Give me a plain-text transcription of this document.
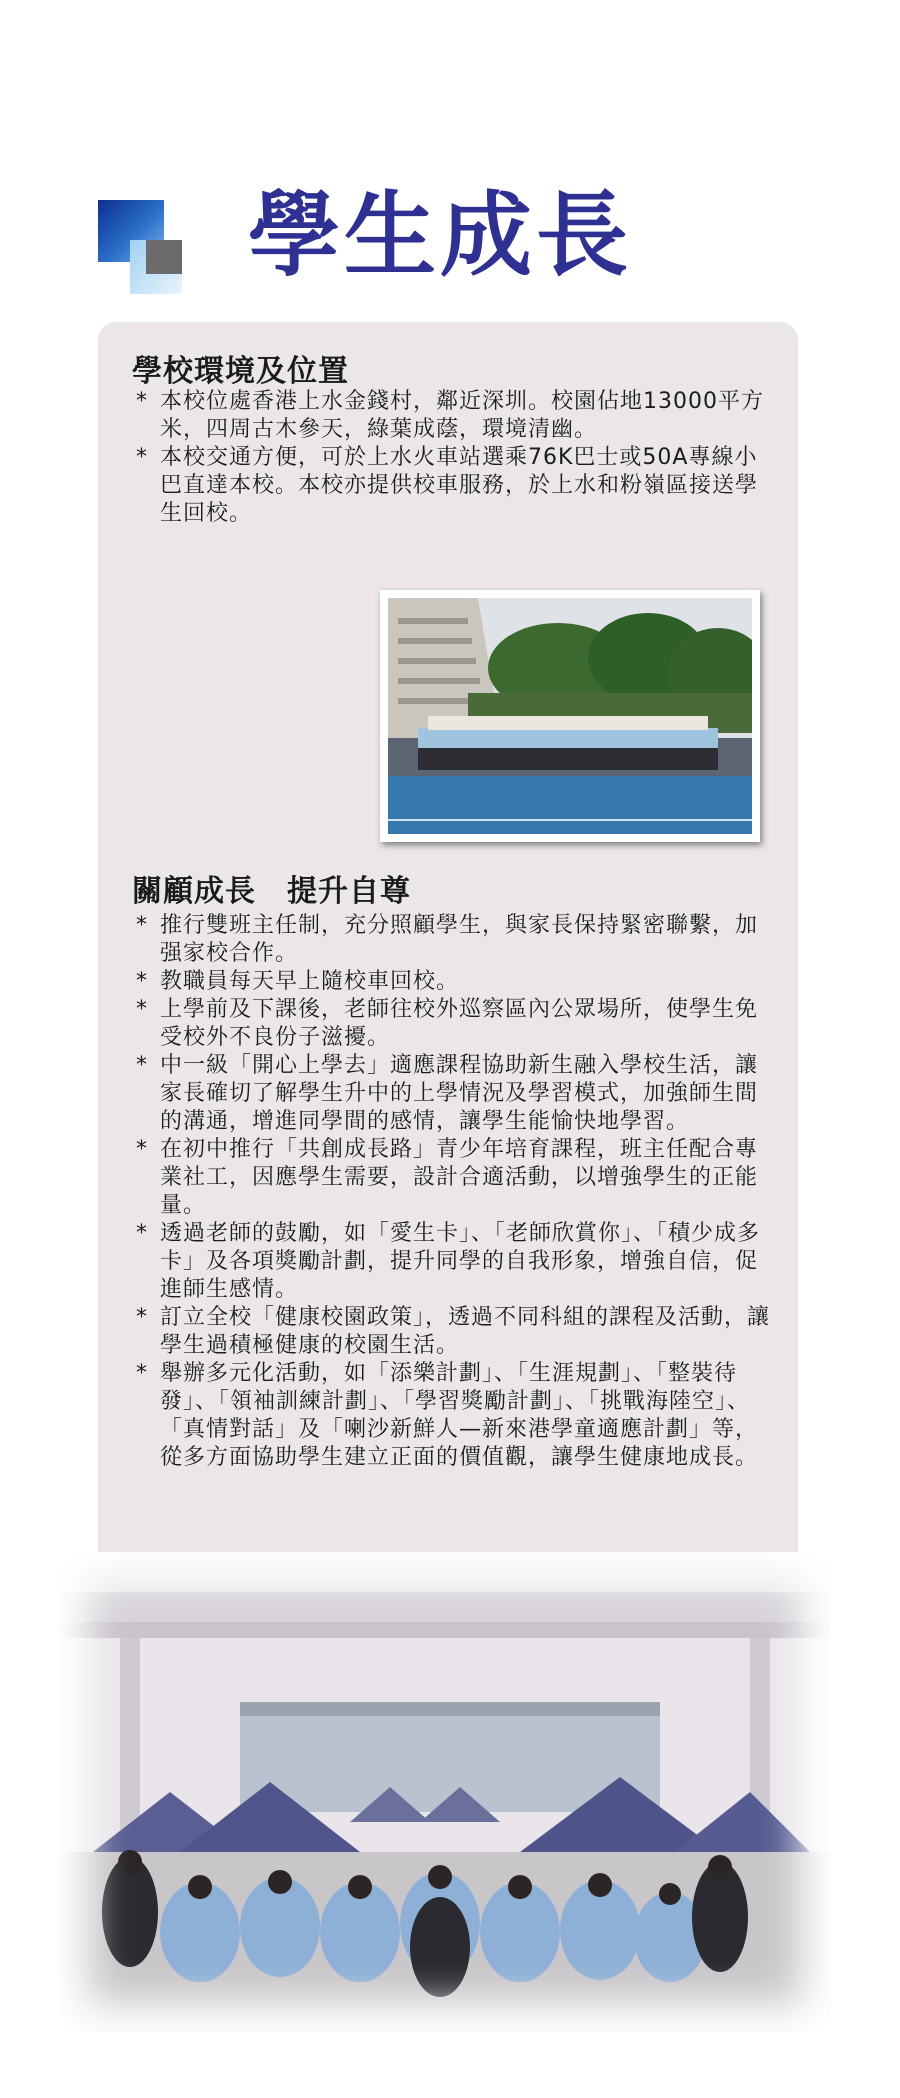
學生成長
學校環境及位置
* 本校位處香港上水金錢村，鄰近深圳。校園佔地13000平方米，四周古木參天，綠葉成蔭，環境清幽。
* 本校交通方便，可於上水火車站選乘76K巴士或50A專線小巴直達本校。本校亦提供校車服務，於上水和粉嶺區接送學生回校。
關顧成長　提升自尊
* 推行雙班主任制，充分照顧學生，與家長保持緊密聯繫，加强家校合作。
* 教職員每天早上隨校車回校。
* 上學前及下課後，老師往校外巡察區內公眾場所，使學生免受校外不良份子滋擾。
* 中一級「開心上學去」適應課程協助新生融入學校生活，讓家長確切了解學生升中的上學情況及學習模式，加強師生間的溝通，增進同學間的感情，讓學生能愉快地學習。
* 在初中推行「共創成長路」青少年培育課程，班主任配合專業社工，因應學生需要，設計合適活動，以增強學生的正能量。
* 透過老師的鼓勵，如「愛生卡」、「老師欣賞你」、「積少成多卡」及各項獎勵計劃，提升同學的自我形象，增強自信，促進師生感情。
* 訂立全校「健康校園政策」，透過不同科組的課程及活動，讓學生過積極健康的校園生活。
* 舉辦多元化活動，如「添樂計劃」、「生涯規劃」、「整裝待發」、「領袖訓練計劃」、「學習獎勵計劃」、「挑戰海陸空」、「真情對話」及「喇沙新鮮人—新來港學童適應計劃」等，從多方面協助學生建立正面的價值觀，讓學生健康地成長。
